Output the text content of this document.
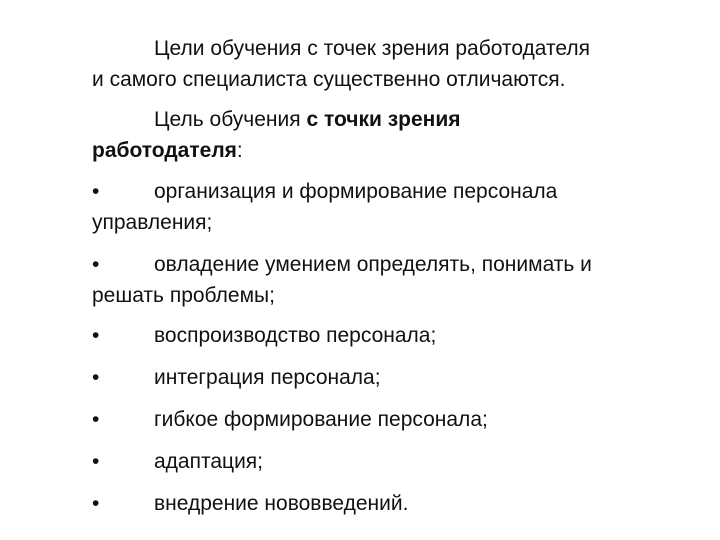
Цели обучения с точек зрения работодателя
и самого специалиста существенно отличаются.
Цель обучения с точки зрения
работодателя:
•	организация и формирование персонала
управления;
•	овладение умением определять, понимать и
решать проблемы;
•	воспроизводство персонала;
•	интеграция персонала;
•	гибкое формирование персонала;
•	адаптация;
•	внедрение нововведений.
